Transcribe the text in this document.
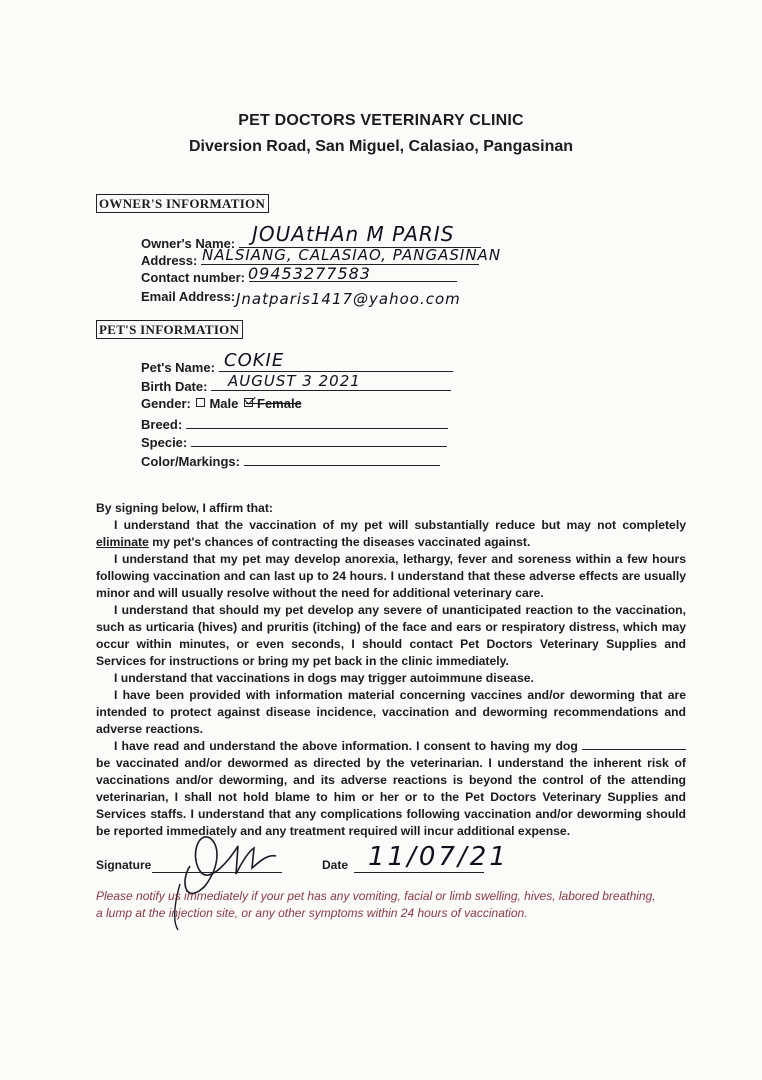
PET DOCTORS VETERINARY CLINIC
Diversion Road, San Miguel, Calasiao, Pangasinan
OWNER'S INFORMATION
Owner's Name: JOUAtHAn M PARIS
Address: NALSIANG, CALASIAO, PANGASINAN
Contact number: 09453277583
Email Address: Jnatparis1417@yahoo.com
PET'S INFORMATION
Pet's Name: COKIE
Birth Date:	AUGUST 3 2021
Gender: Male Female
Breed:
Specie:
Color/Markings:
By signing below, I affirm that:
I understand that the vaccination of my pet will substantially reduce but may not completely eliminate my pet's chances of contracting the diseases vaccinated against.
I understand that my pet may develop anorexia, lethargy, fever and soreness within a few hours following vaccination and can last up to 24 hours. I understand that these adverse effects are usually minor and will usually resolve without the need for additional veterinary care.
I understand that should my pet develop any severe of unanticipated reaction to the vaccination, such as urticaria (hives) and pruritis (itching) of the face and ears or respiratory distress, which may occur within minutes, or even seconds, I should contact Pet Doctors Veterinary Supplies and Services for instructions or bring my pet back in the clinic immediately.
I understand that vaccinations in dogs may trigger autoimmune disease.
I have been provided with information material concerning vaccines and/or deworming that are intended to protect against disease incidence, vaccination and deworming recommendations and adverse reactions.
I have read and understand the above information. I consent to having my dog  be vaccinated and/or dewormed as directed by the veterinarian. I understand the inherent risk of vaccinations and/or deworming, and its adverse reactions is beyond the control of the attending veterinarian, I shall not hold blame to him or her or to the Pet Doctors Veterinary Supplies and Services staffs. I understand that any complications following vaccination and/or deworming should be reported immediately and any treatment required will incur additional expense.
Signature	Date 11/07/21
Please notify us immediately if your pet has any vomiting, facial or limb swelling, hives, labored breathing, a lump at the injection site, or any other symptoms within 24 hours of vaccination.
